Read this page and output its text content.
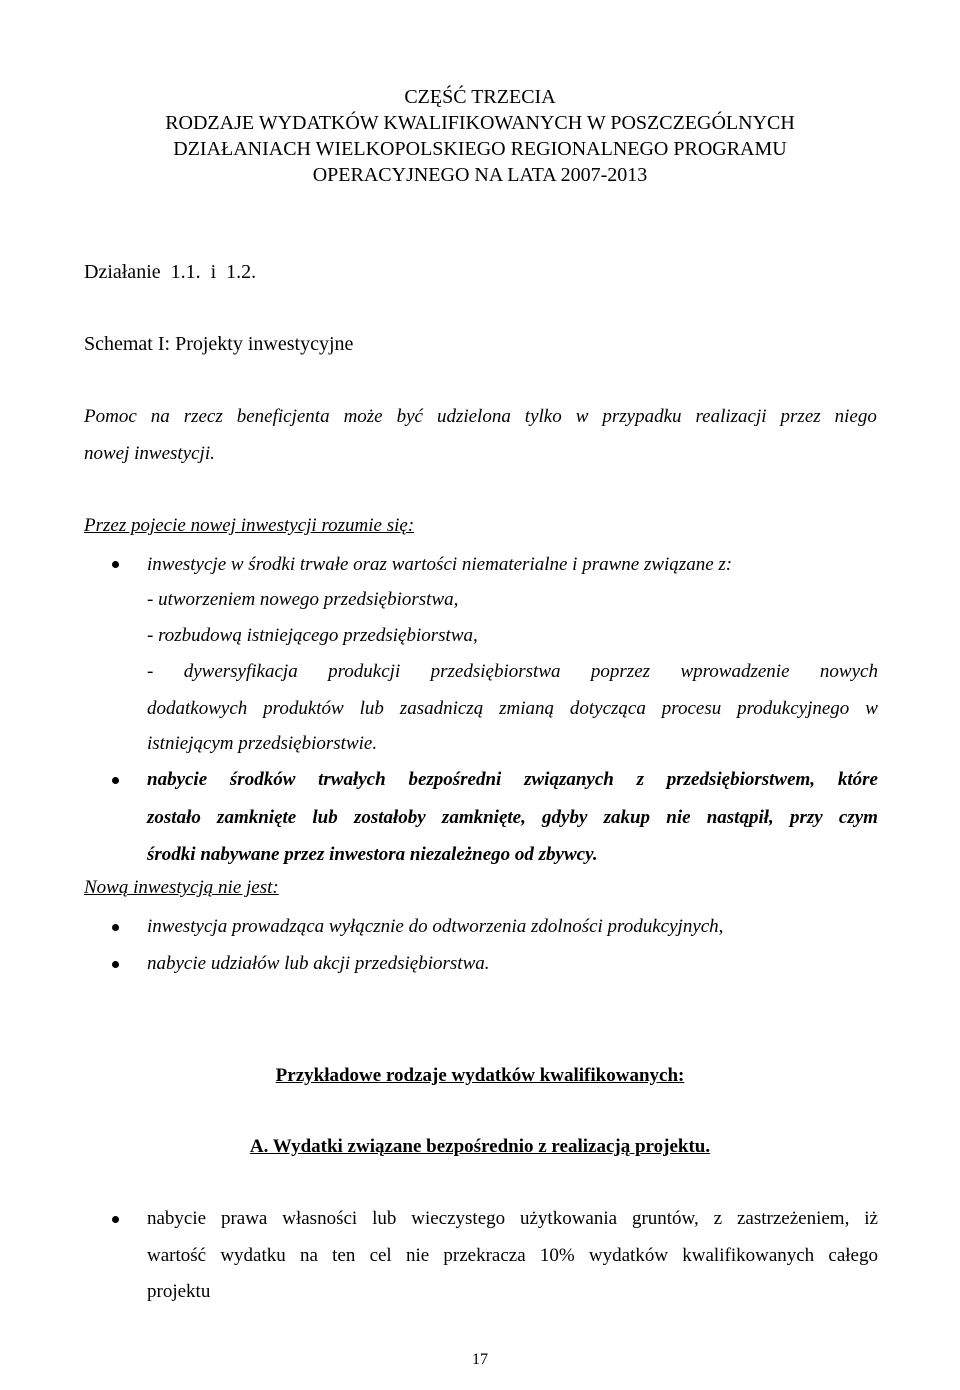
CZĘŚĆ TRZECIA
RODZAJE WYDATKÓW KWALIFIKOWANYCH W POSZCZEGÓLNYCH
DZIAŁANIACH WIELKOPOLSKIEGO REGIONALNEGO PROGRAMU
OPERACYJNEGO NA LATA 2007-2013
Działanie  1.1.  i  1.2.
Schemat I: Projekty inwestycyjne
Pomoc na rzecz beneficjenta może być udzielona tylko w przypadku realizacji przez niego
nowej inwestycji.
Przez pojecie nowej inwestycji rozumie się:
inwestycje w środki trwałe oraz wartości niematerialne i prawne związane z:
- utworzeniem nowego przedsiębiorstwa,
- rozbudową istniejącego przedsiębiorstwa,
- dywersyfikacja produkcji przedsiębiorstwa poprzez wprowadzenie nowych
dodatkowych produktów lub zasadniczą zmianą dotycząca procesu produkcyjnego w
istniejącym przedsiębiorstwie.
nabycie środków trwałych bezpośredni związanych z przedsiębiorstwem, które
zostało zamknięte lub zostałoby zamknięte, gdyby zakup nie nastąpił, przy czym
środki nabywane przez inwestora niezależnego od zbywcy.
Nową inwestycją nie jest:
inwestycja prowadząca wyłącznie do odtworzenia zdolności produkcyjnych,
nabycie udziałów lub akcji przedsiębiorstwa.
Przykładowe rodzaje wydatków kwalifikowanych:
A. Wydatki związane bezpośrednio z realizacją projektu.
nabycie prawa własności lub wieczystego użytkowania gruntów, z zastrzeżeniem, iż
wartość wydatku na ten cel nie przekracza 10% wydatków kwalifikowanych całego
projektu
17
